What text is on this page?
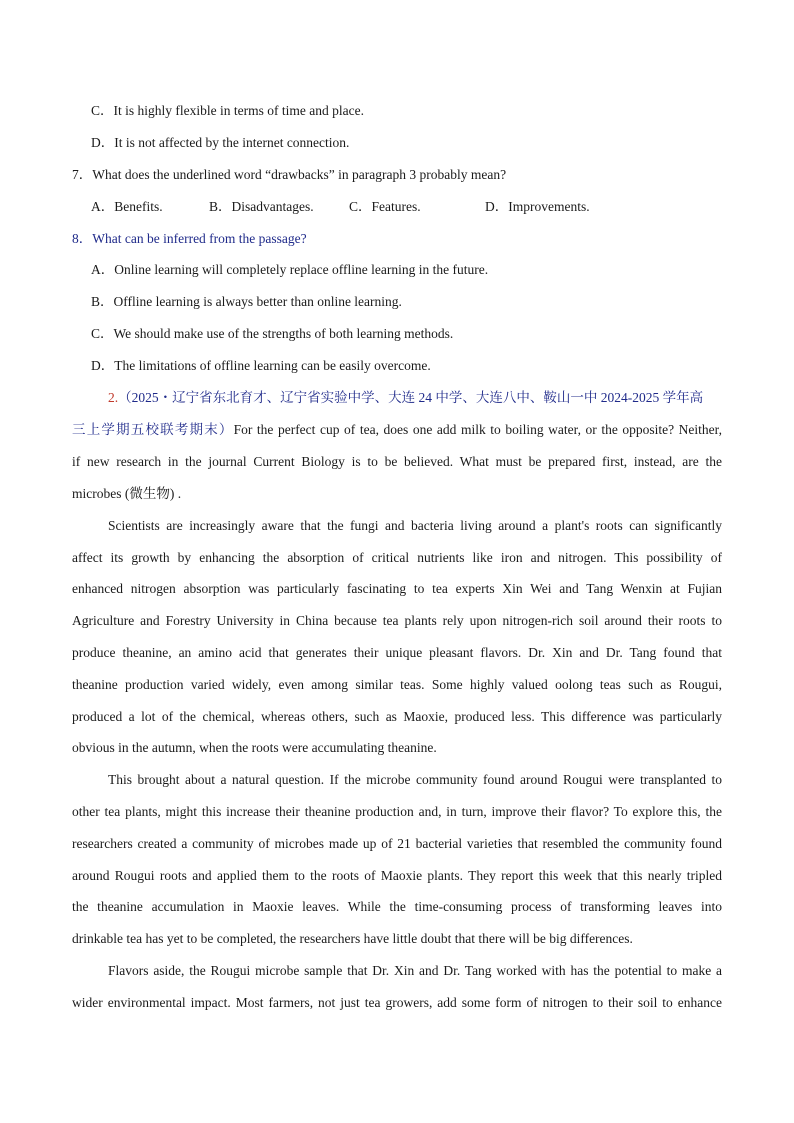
C．It is highly flexible in terms of time and place.
D．It is not affected by the internet connection.
7．What does the underlined word “drawbacks” in paragraph 3 probably mean?
A．Benefits.	B．Disadvantages.	C．Features.	D．Improvements.
8．What can be inferred from the passage?
A．Online learning will completely replace offline learning in the future.
B．Offline learning is always better than online learning.
C．We should make use of the strengths of both learning methods.
D．The limitations of offline learning can be easily overcome.
2.（2025・辽宁省东北育才、辽宁省实验中学、大连 24 中学、大连八中、鞍山一中 2024-2025 学年高
三上学期五校联考期末）For the perfect cup of tea, does one add milk to boiling water, or the opposite? Neither,
if new research in the journal Current Biology is to be believed. What must be prepared first, instead, are the
microbes (微生物) .
Scientists are increasingly aware that the fungi and bacteria living around a plant's roots can significantly
affect its growth by enhancing the absorption of critical nutrients like iron and nitrogen. This possibility of
enhanced nitrogen absorption was particularly fascinating to tea experts Xin Wei and Tang Wenxin at Fujian
Agriculture and Forestry University in China because tea plants rely upon nitrogen-rich soil around their roots to
produce theanine, an amino acid that generates their unique pleasant flavors. Dr. Xin and Dr. Tang found that
theanine production varied widely, even among similar teas. Some highly valued oolong teas such as Rougui,
produced a lot of the chemical, whereas others, such as Maoxie, produced less. This difference was particularly
obvious in the autumn, when the roots were accumulating theanine.
This brought about a natural question. If the microbe community found around Rougui were transplanted to
other tea plants, might this increase their theanine production and, in turn, improve their flavor? To explore this, the
researchers created a community of microbes made up of 21 bacterial varieties that resembled the community found
around Rougui roots and applied them to the roots of Maoxie plants. They report this week that this nearly tripled
the theanine accumulation in Maoxie leaves. While the time-consuming process of transforming leaves into
drinkable tea has yet to be completed, the researchers have little doubt that there will be big differences.
Flavors aside, the Rougui microbe sample that Dr. Xin and Dr. Tang worked with has the potential to make a
wider environmental impact. Most farmers, not just tea growers, add some form of nitrogen to their soil to enhance
